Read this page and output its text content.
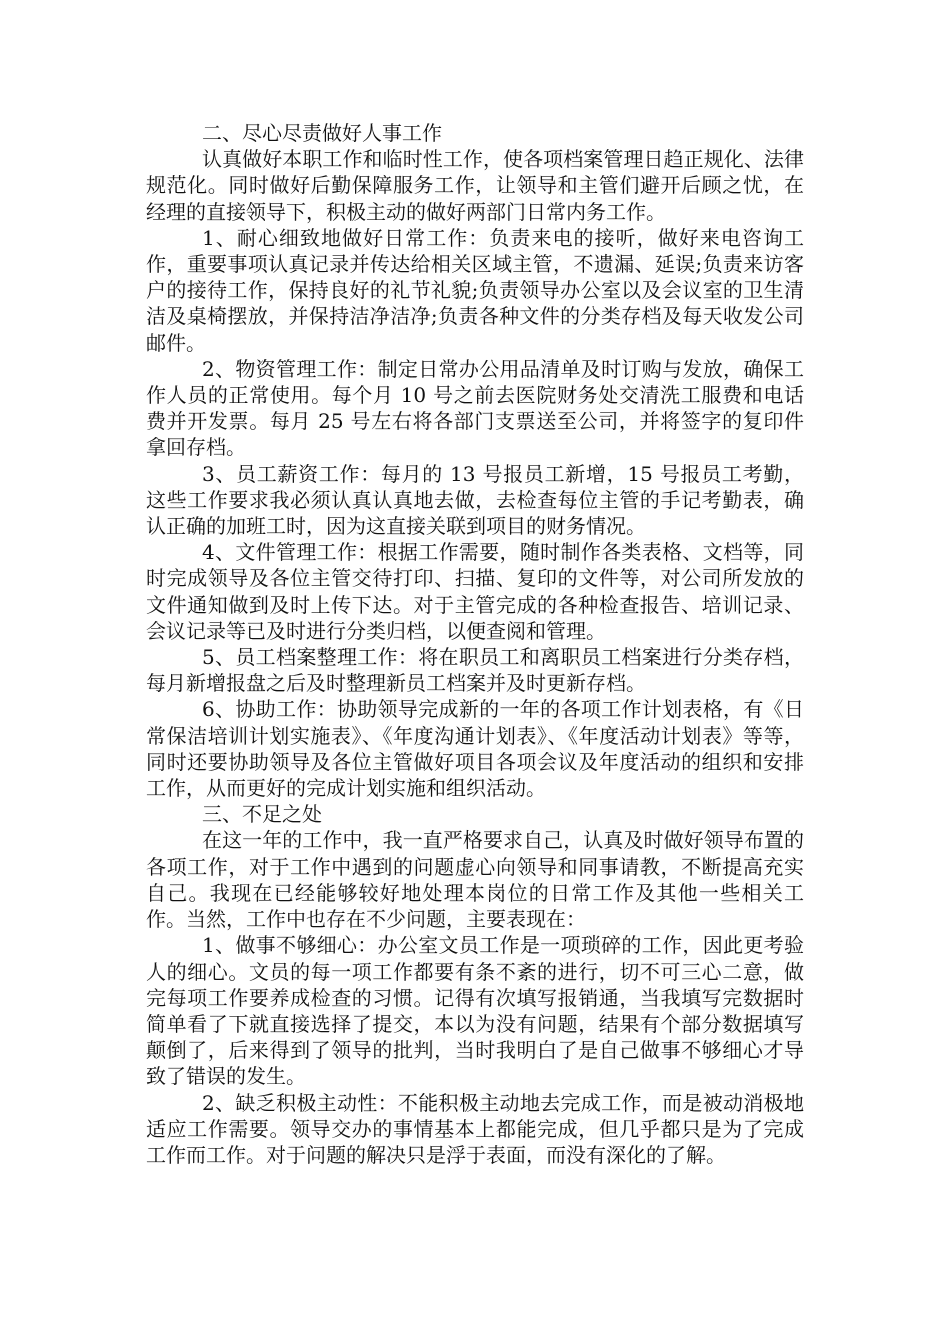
二、尽心尽责做好人事工作

认真做好本职工作和临时性工作，使各项档案管理日趋正规化、法律规范化。同时做好后勤保障服务工作，让领导和主管们避开后顾之忧，在经理的直接领导下，积极主动的做好两部门日常内务工作。

1、耐心细致地做好日常工作：负责来电的接听，做好来电咨询工作，重要事项认真记录并传达给相关区域主管，不遗漏、延误;负责来访客户的接待工作，保持良好的礼节礼貌;负责领导办公室以及会议室的卫生清洁及桌椅摆放，并保持洁净洁净;负责各种文件的分类存档及每天收发公司邮件。

2、物资管理工作：制定日常办公用品清单及时订购与发放，确保工作人员的正常使用。每个月 10 号之前去医院财务处交清洗工服费和电话费并开发票。每月 25 号左右将各部门支票送至公司，并将签字的复印件拿回存档。

3、员工薪资工作：每月的 13 号报员工新增，15 号报员工考勤，这些工作要求我必须认真认真地去做，去检查每位主管的手记考勤表，确认正确的加班工时，因为这直接关联到项目的财务情况。

4、文件管理工作：根据工作需要，随时制作各类表格、文档等，同时完成领导及各位主管交待打印、扫描、复印的文件等，对公司所发放的文件通知做到及时上传下达。对于主管完成的各种检查报告、培训记录、会议记录等已及时进行分类归档，以便查阅和管理。

5、员工档案整理工作：将在职员工和离职员工档案进行分类存档，每月新增报盘之后及时整理新员工档案并及时更新存档。

6、协助工作：协助领导完成新的一年的各项工作计划表格，有《日常保洁培训计划实施表》、《年度沟通计划表》、《年度活动计划表》等等，同时还要协助领导及各位主管做好项目各项会议及年度活动的组织和安排工作，从而更好的完成计划实施和组织活动。

三、不足之处

在这一年的工作中，我一直严格要求自己，认真及时做好领导布置的各项工作，对于工作中遇到的问题虚心向领导和同事请教，不断提高充实自己。我现在已经能够较好地处理本岗位的日常工作及其他一些相关工作。当然，工作中也存在不少问题，主要表现在：

1、做事不够细心：办公室文员工作是一项琐碎的工作，因此更考验人的细心。文员的每一项工作都要有条不紊的进行，切不可三心二意，做完每项工作要养成检查的习惯。记得有次填写报销通，当我填写完数据时简单看了下就直接选择了提交，本以为没有问题，结果有个部分数据填写颠倒了，后来得到了领导的批判，当时我明白了是自己做事不够细心才导致了错误的发生。

2、缺乏积极主动性：不能积极主动地去完成工作，而是被动消极地适应工作需要。领导交办的事情基本上都能完成，但几乎都只是为了完成工作而工作。对于问题的解决只是浮于表面，而没有深化的了解。
